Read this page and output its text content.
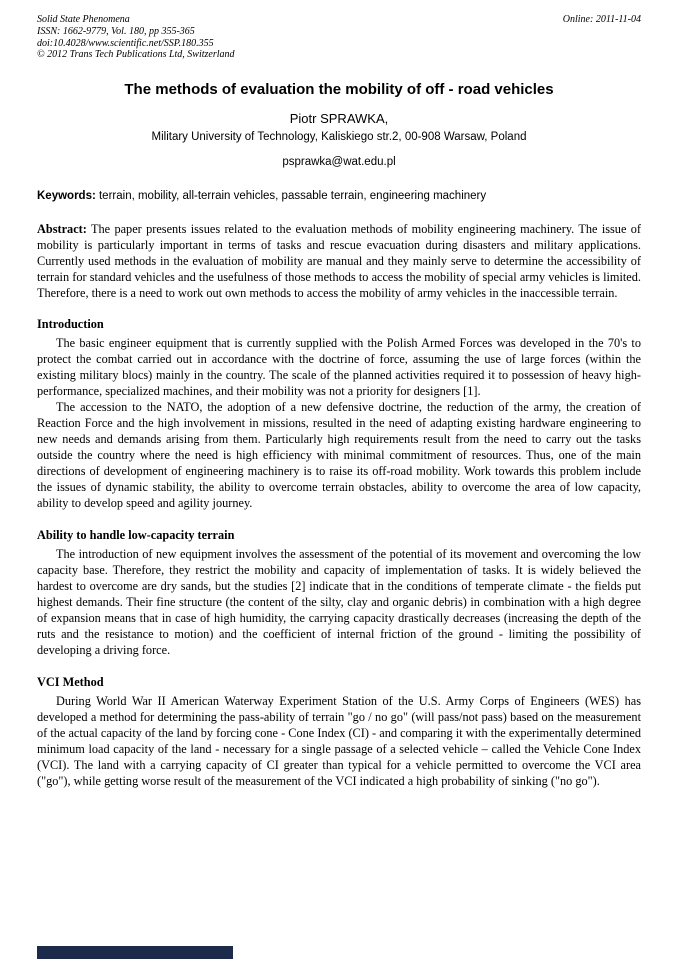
Solid State Phenomena
ISSN: 1662-9779, Vol. 180, pp 355-365
doi:10.4028/www.scientific.net/SSP.180.355
© 2012 Trans Tech Publications Ltd, Switzerland
Online: 2011-11-04
The methods of evaluation the mobility of off - road vehicles
Piotr SPRAWKA,
Military University of Technology, Kaliskiego str.2, 00-908 Warsaw, Poland
psprawka@wat.edu.pl
Keywords: terrain, mobility, all-terrain vehicles, passable terrain, engineering machinery

Abstract: The paper presents issues related to the evaluation methods of mobility engineering machinery. The issue of mobility is particularly important in terms of tasks and rescue evacuation during disasters and military applications. Currently used methods in the evaluation of mobility are manual and they mainly serve to determine the accessibility of terrain for standard vehicles and the usefulness of those methods to access the mobility of special army vehicles is limited. Therefore, there is a need to work out own methods to access the mobility of army vehicles in the inaccessible terrain.

Introduction

The basic engineer equipment that is currently supplied with the Polish Armed Forces was developed in the 70's to protect the combat carried out in accordance with the doctrine of force, assuming the use of large forces (within the existing military blocs) mainly in the country. The scale of the planned activities required it to possession of heavy high-performance, specialized machines, and their mobility was not a priority for designers [1].

The accession to the NATO, the adoption of a new defensive doctrine, the reduction of the army, the creation of Reaction Force and the high involvement in missions, resulted in the need of adapting existing hardware engineering to new needs and demands arising from them. Particularly high requirements result from the need to carry out the tasks outside the country where the need is high efficiency with minimal commitment of resources. Thus, one of the main directions of development of engineering machinery is to raise its off-road mobility. Work towards this problem include the issues of dynamic stability, the ability to overcome terrain obstacles, ability to overcome the area of low capacity, ability to develop speed and agility journey.

Ability to handle low-capacity terrain

The introduction of new equipment involves the assessment of the potential of its movement and overcoming the low capacity base. Therefore, they restrict the mobility and capacity of implementation of tasks. It is widely believed the hardest to overcome are dry sands, but the studies [2] indicate that in the conditions of temperate climate - the fields put highest demands. Their fine structure (the content of the silty, clay and organic debris) in combination with a high degree of expansion means that in case of high humidity, the carrying capacity drastically decreases (increasing the depth of the ruts and the resistance to motion) and the coefficient of internal friction of the ground - limiting the possibility of developing a driving force.

VCI Method

During World War II American Waterway Experiment Station of the U.S. Army Corps of Engineers (WES) has developed a method for determining the pass-ability of terrain "go / no go" (will pass/not pass) based on the measurement of the actual capacity of the land by forcing cone - Cone Index (CI) - and comparing it with the experimentally determined minimum load capacity of the land - necessary for a single passage of a selected vehicle – called the Vehicle Cone Index (VCI). The land with a carrying capacity of CI greater than typical for a vehicle permitted to overcome the VCI area ("go"), while getting worse result of the measurement of the VCI indicated a high probability of sinking ("no go").
